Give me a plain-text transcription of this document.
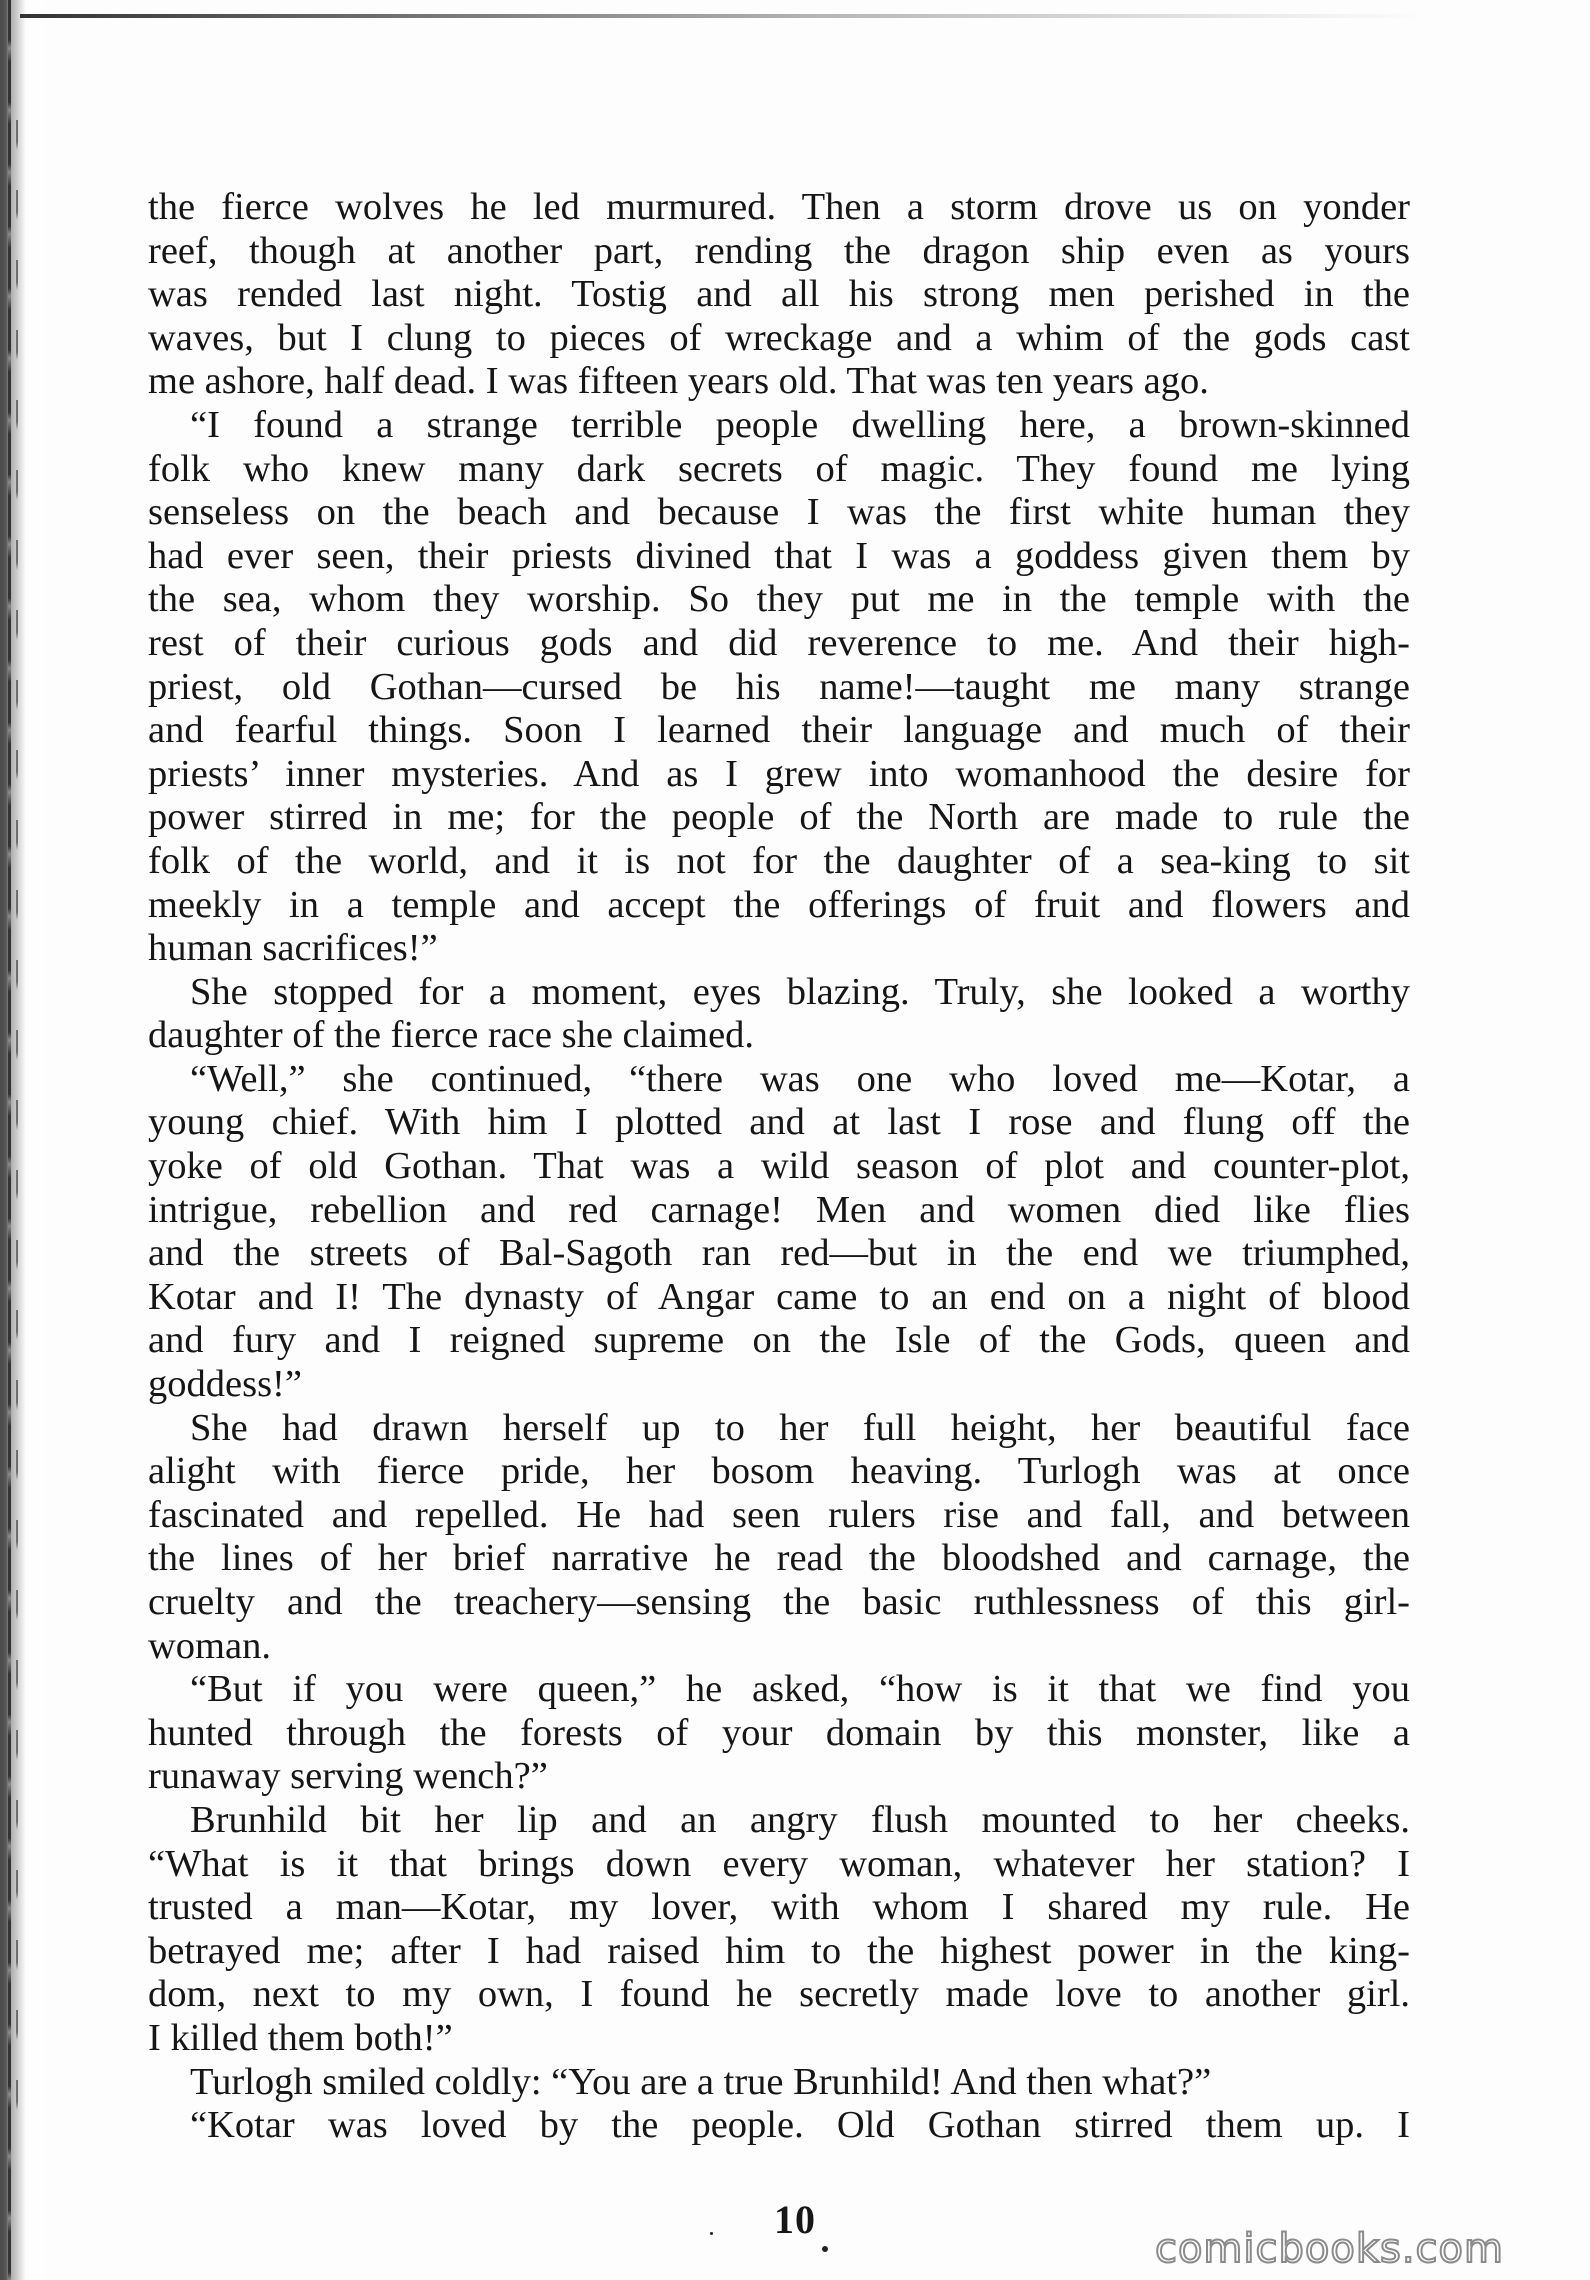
the fierce wolves he led murmured. Then a storm drove us on yonder
reef, though at another part, rending the dragon ship even as yours
was rended last night. Tostig and all his strong men perished in the
waves, but I clung to pieces of wreckage and a whim of the gods cast
me ashore, half dead. I was fifteen years old. That was ten years ago.
“I found a strange terrible people dwelling here, a brown-skinned
folk who knew many dark secrets of magic. They found me lying
senseless on the beach and because I was the first white human they
had ever seen, their priests divined that I was a goddess given them by
the sea, whom they worship. So they put me in the temple with the
rest of their curious gods and did reverence to me. And their high-
priest, old Gothan—cursed be his name!—taught me many strange
and fearful things. Soon I learned their language and much of their
priests’ inner mysteries. And as I grew into womanhood the desire for
power stirred in me; for the people of the North are made to rule the
folk of the world, and it is not for the daughter of a sea-king to sit
meekly in a temple and accept the offerings of fruit and flowers and
human sacrifices!”
She stopped for a moment, eyes blazing. Truly, she looked a worthy
daughter of the fierce race she claimed.
“Well,” she continued, “there was one who loved me—Kotar, a
young chief. With him I plotted and at last I rose and flung off the
yoke of old Gothan. That was a wild season of plot and counter-plot,
intrigue, rebellion and red carnage! Men and women died like flies
and the streets of Bal-Sagoth ran red—but in the end we triumphed,
Kotar and I! The dynasty of Angar came to an end on a night of blood
and fury and I reigned supreme on the Isle of the Gods, queen and
goddess!”
She had drawn herself up to her full height, her beautiful face
alight with fierce pride, her bosom heaving. Turlogh was at once
fascinated and repelled. He had seen rulers rise and fall, and between
the lines of her brief narrative he read the bloodshed and carnage, the
cruelty and the treachery—sensing the basic ruthlessness of this girl-
woman.
“But if you were queen,” he asked, “how is it that we find you
hunted through the forests of your domain by this monster, like a
runaway serving wench?”
Brunhild bit her lip and an angry flush mounted to her cheeks.
“What is it that brings down every woman, whatever her station? I
trusted a man—Kotar, my lover, with whom I shared my rule. He
betrayed me; after I had raised him to the highest power in the king-
dom, next to my own, I found he secretly made love to another girl.
I killed them both!”
Turlogh smiled coldly: “You are a true Brunhild! And then what?”
“Kotar was loved by the people. Old Gothan stirred them up. I
10
comicbooks.com
